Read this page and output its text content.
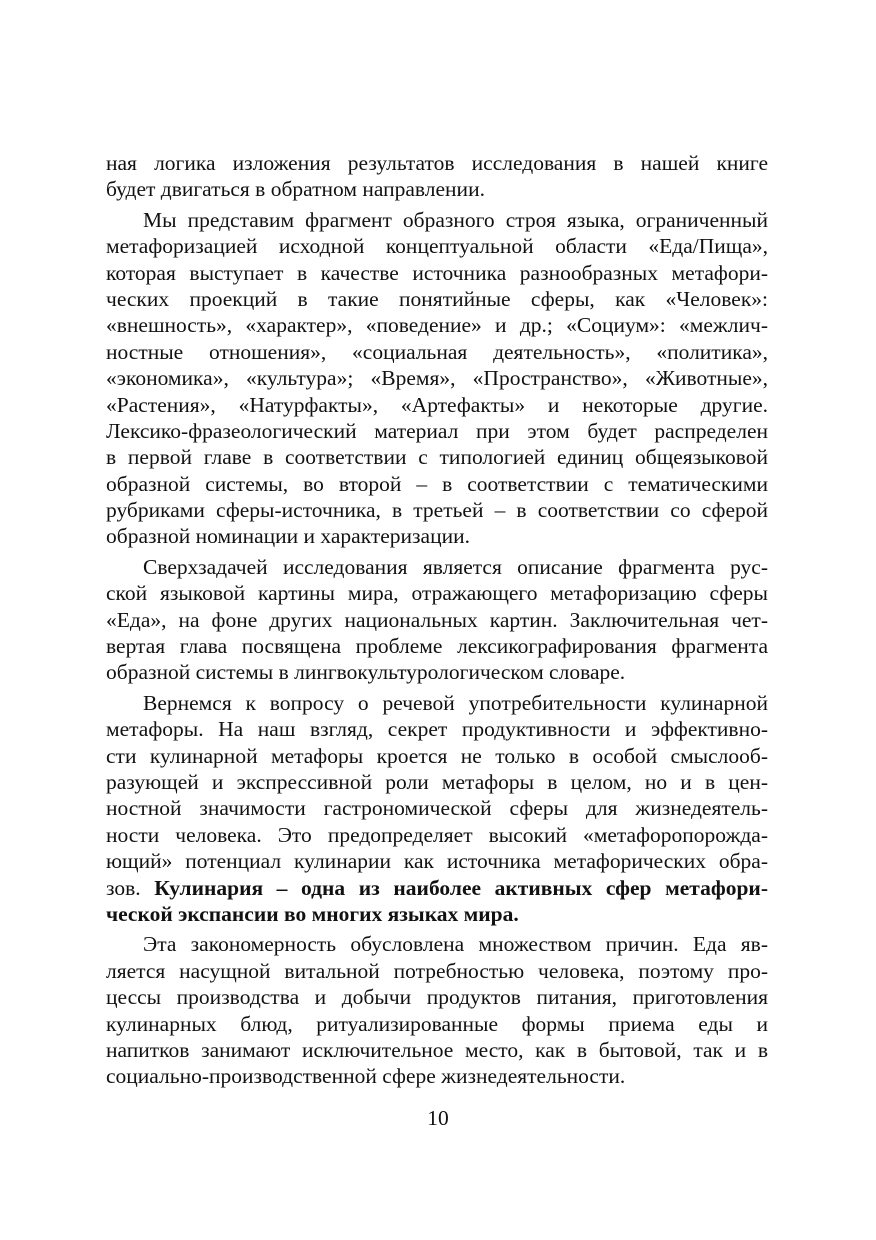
ная логика изложения результатов исследования в нашей книге
будет двигаться в обратном направлении.
Мы представим фрагмент образного строя языка, ограниченный
метафоризацией исходной концептуальной области «Еда/Пища»,
которая выступает в качестве источника разнообразных метафори-
ческих проекций в такие понятийные сферы, как «Человек»:
«внешность», «характер», «поведение» и др.; «Социум»: «межлич-
ностные отношения», «социальная деятельность», «политика»,
«экономика», «культура»; «Время», «Пространство», «Животные»,
«Растения», «Натурфакты», «Артефакты» и некоторые другие.
Лексико-фразеологический материал при этом будет распределен
в первой главе в соответствии с типологией единиц общеязыковой
образной системы, во второй – в соответствии с тематическими
рубриками сферы-источника, в третьей – в соответствии со сферой
образной номинации и характеризации.
Сверхзадачей исследования является описание фрагмента рус-
ской языковой картины мира, отражающего метафоризацию сферы
«Еда», на фоне других национальных картин. Заключительная чет-
вертая глава посвящена проблеме лексикографирования фрагмента
образной системы в лингвокультурологическом словаре.
Вернемся к вопросу о речевой употребительности кулинарной
метафоры. На наш взгляд, секрет продуктивности и эффективно-
сти кулинарной метафоры кроется не только в особой смыслооб-
разующей и экспрессивной роли метафоры в целом, но и в цен-
ностной значимости гастрономической сферы для жизнедеятель-
ности человека. Это предопределяет высокий «метафоропорожда-
ющий» потенциал кулинарии как источника метафорических обра-
зов. Кулинария – одна из наиболее активных сфер метафори-
ческой экспансии во многих языках мира.
Эта закономерность обусловлена множеством причин. Еда яв-
ляется насущной витальной потребностью человека, поэтому про-
цессы производства и добычи продуктов питания, приготовления
кулинарных блюд, ритуализированные формы приема еды и
напитков занимают исключительное место, как в бытовой, так и в
социально-производственной сфере жизнедеятельности.
10
